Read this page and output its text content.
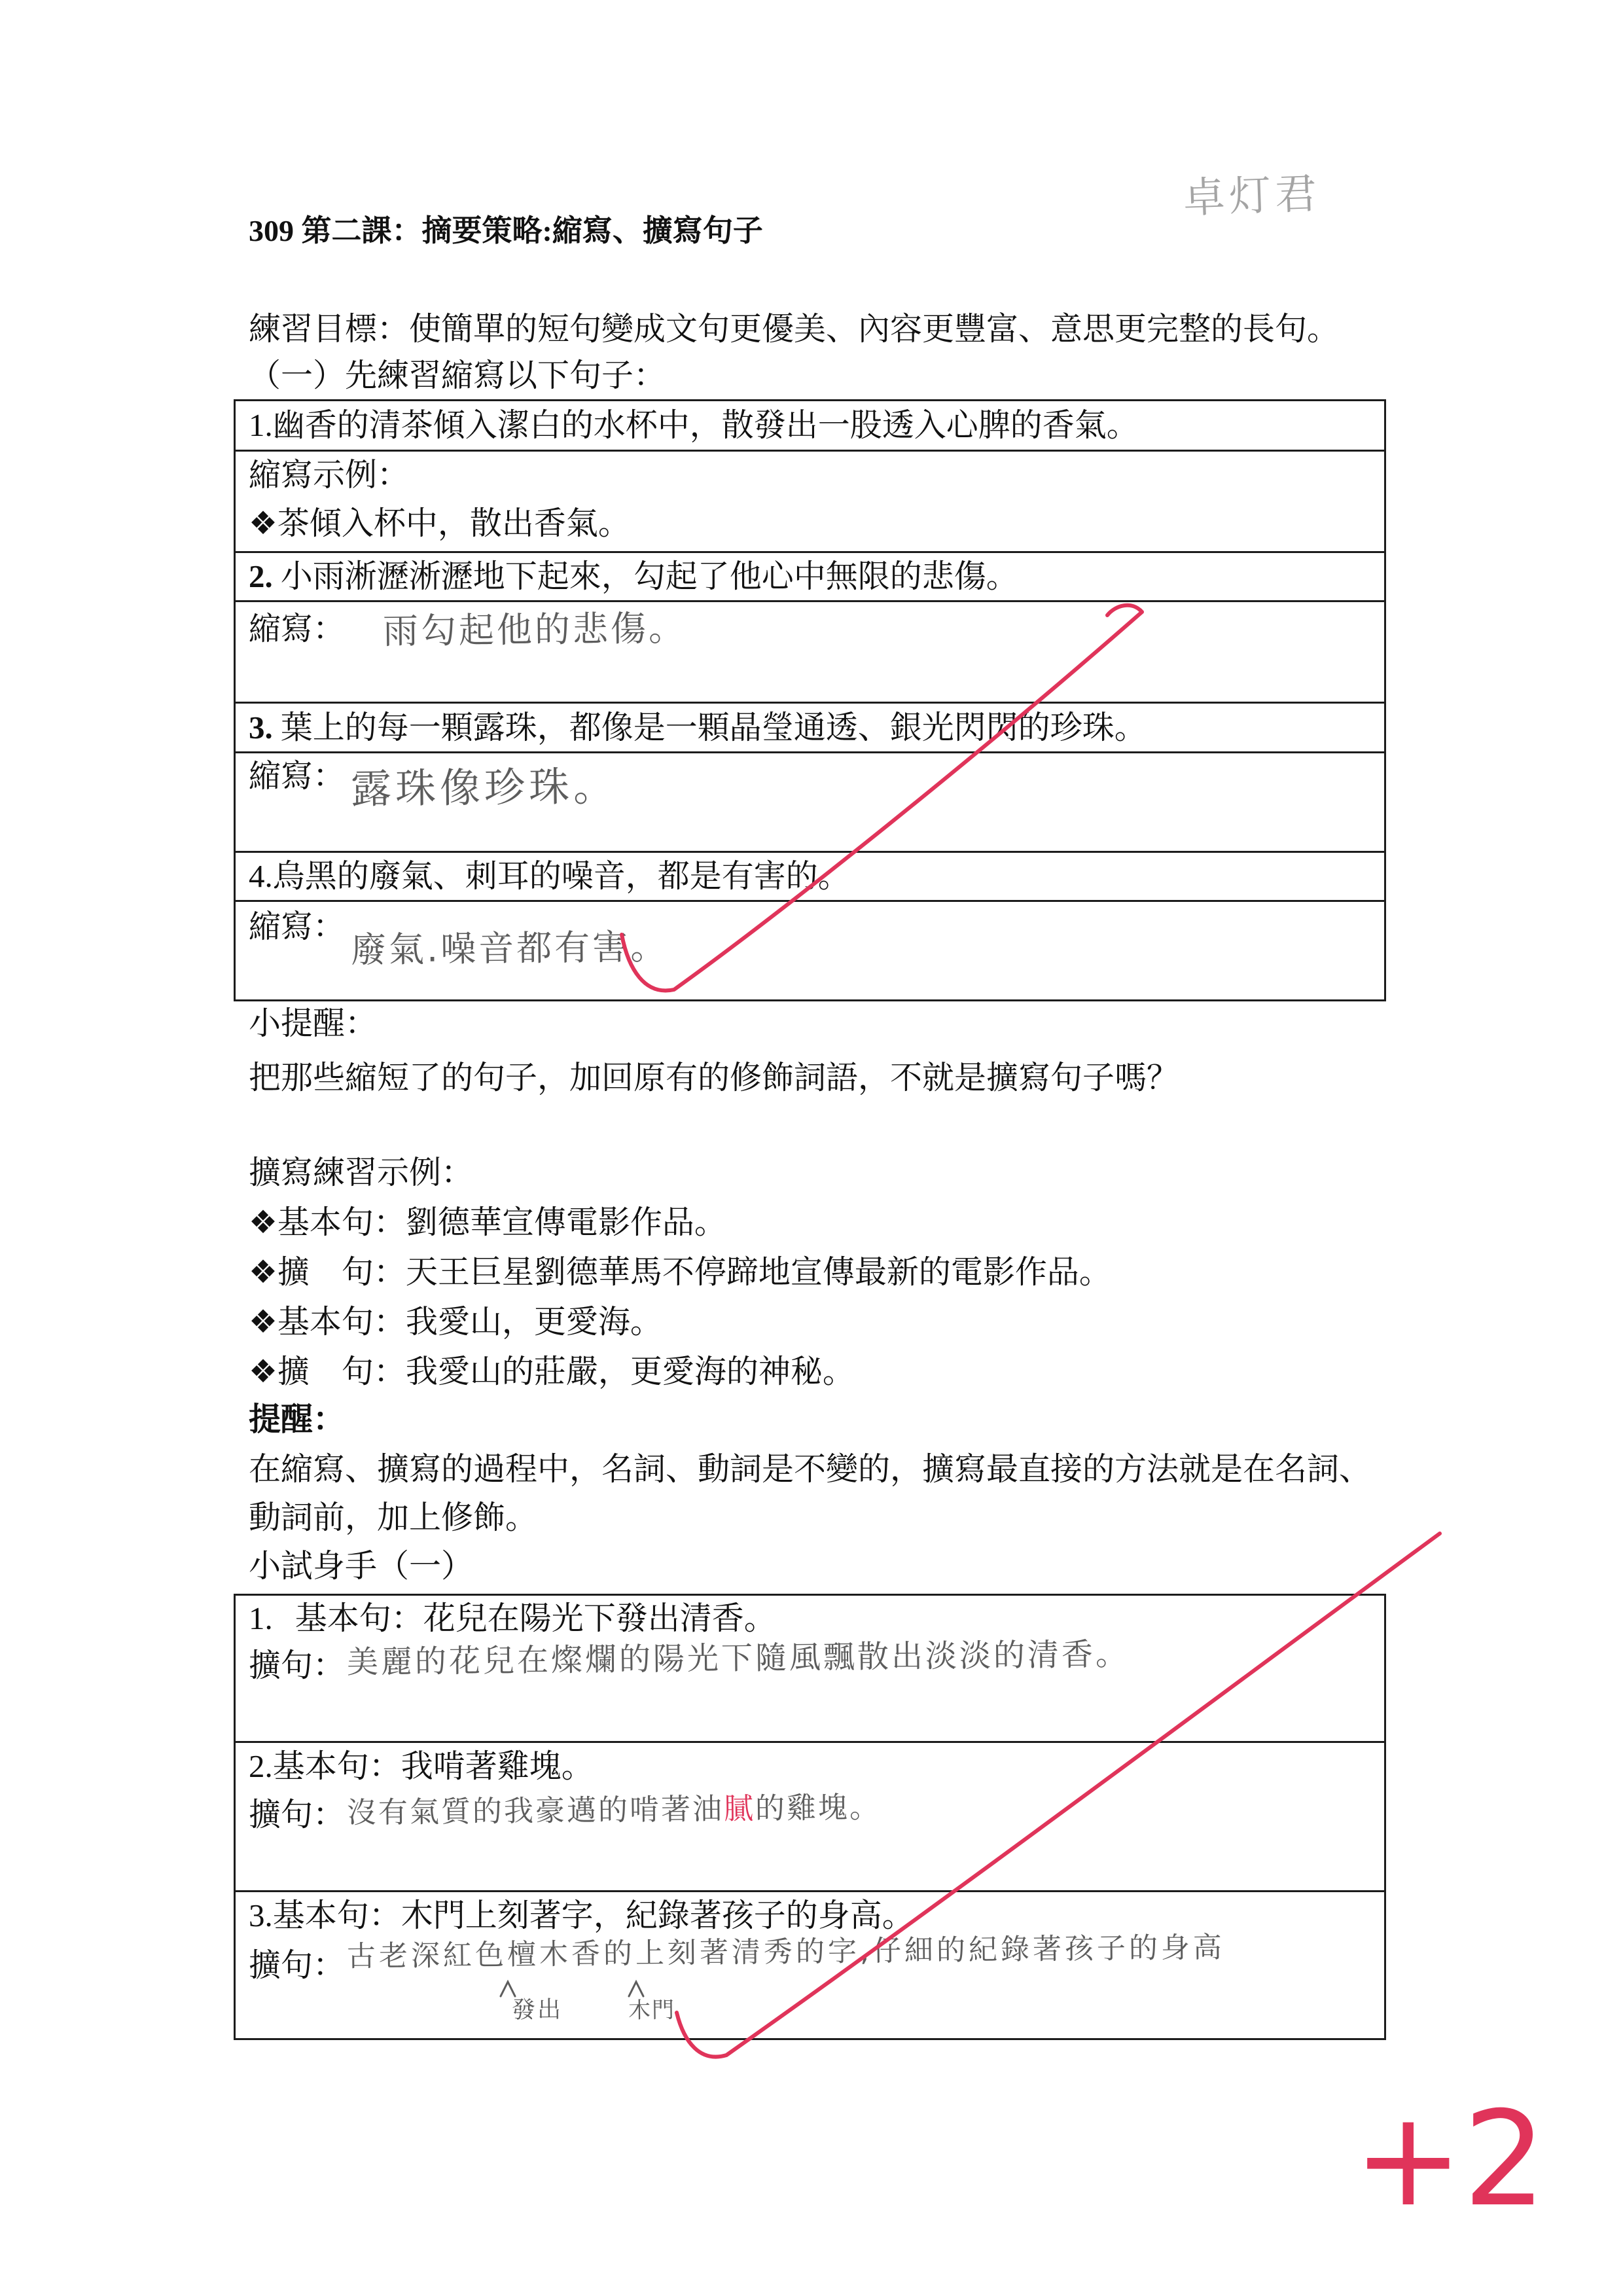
卓灯君
309 第二課：摘要策略:縮寫、擴寫句子
練習目標：使簡單的短句變成文句更優美、內容更豐富、意思更完整的長句。
（一）先練習縮寫以下句子：
1.幽香的清茶傾入潔白的水杯中，散發出一股透入心脾的香氣。
縮寫示例：
❖茶傾入杯中，散出香氣。
2. 小雨淅瀝淅瀝地下起來，勾起了他心中無限的悲傷。
縮寫： 雨勾起他的悲傷。
3. 葉上的每一顆露珠，都像是一顆晶瑩通透、銀光閃閃的珍珠。
縮寫： 露珠像珍珠。
4.烏黑的廢氣、刺耳的噪音，都是有害的。
縮寫： 廢氣.噪音都有害。
小提醒：
把那些縮短了的句子，加回原有的修飾詞語，不就是擴寫句子嗎？
擴寫練習示例：
❖基本句：劉德華宣傳電影作品。
❖擴　句：天王巨星劉德華馬不停蹄地宣傳最新的電影作品。
❖基本句：我愛山，更愛海。
❖擴　句：我愛山的莊嚴，更愛海的神秘。
提醒：
在縮寫、擴寫的過程中，名詞、動詞是不變的，擴寫最直接的方法就是在名詞、
動詞前，加上修飾。
小試身手（一）
1. 基本句：花兒在陽光下發出清香。
擴句： 美麗的花兒在燦爛的陽光下隨風飄散出淡淡的清香。
2.基本句：我啃著雞塊。
擴句： 沒有氣質的我豪邁的啃著油膩的雞塊。
3.基本句：木門上刻著字，紀錄著孩子的身高。
擴句： 古老深紅色檀木香的上刻著清秀的字,仔細的紀錄著孩子的身高
發出	木門
+2
